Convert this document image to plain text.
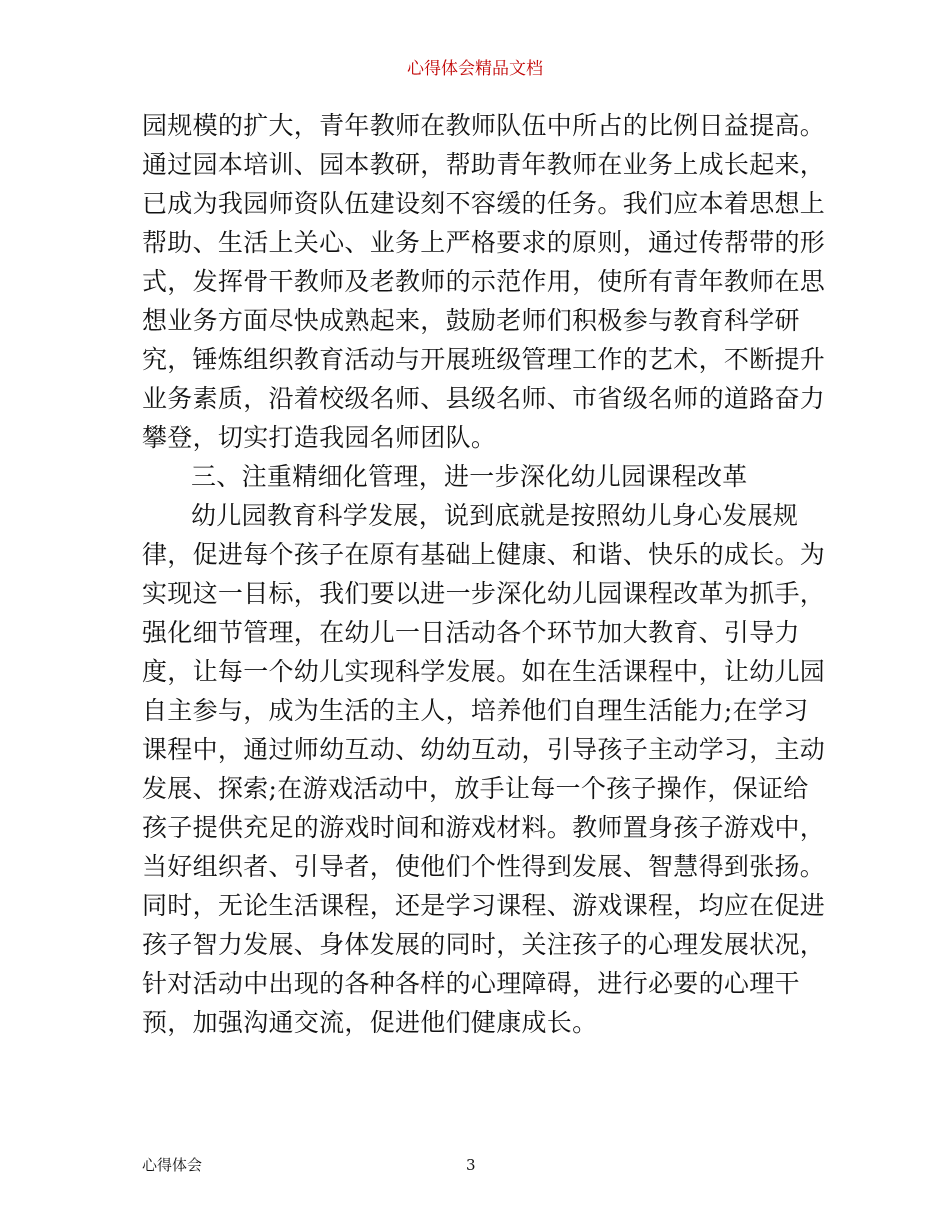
心得体会精品文档
园规模的扩大，青年教师在教师队伍中所占的比例日益提高。
通过园本培训、园本教研，帮助青年教师在业务上成长起来，
已成为我园师资队伍建设刻不容缓的任务。我们应本着思想上
帮助、生活上关心、业务上严格要求的原则，通过传帮带的形
式，发挥骨干教师及老教师的示范作用，使所有青年教师在思
想业务方面尽快成熟起来，鼓励老师们积极参与教育科学研
究，锤炼组织教育活动与开展班级管理工作的艺术，不断提升
业务素质，沿着校级名师、县级名师、市省级名师的道路奋力
攀登，切实打造我园名师团队。
三、注重精细化管理，进一步深化幼儿园课程改革
幼儿园教育科学发展，说到底就是按照幼儿身心发展规
律，促进每个孩子在原有基础上健康、和谐、快乐的成长。为
实现这一目标，我们要以进一步深化幼儿园课程改革为抓手，
强化细节管理，在幼儿一日活动各个环节加大教育、引导力
度，让每一个幼儿实现科学发展。如在生活课程中，让幼儿园
自主参与，成为生活的主人，培养他们自理生活能力;在学习
课程中，通过师幼互动、幼幼互动，引导孩子主动学习，主动
发展、探索;在游戏活动中，放手让每一个孩子操作，保证给
孩子提供充足的游戏时间和游戏材料。教师置身孩子游戏中，
当好组织者、引导者，使他们个性得到发展、智慧得到张扬。
同时，无论生活课程，还是学习课程、游戏课程，均应在促进
孩子智力发展、身体发展的同时，关注孩子的心理发展状况，
针对活动中出现的各种各样的心理障碍，进行必要的心理干
预，加强沟通交流，促进他们健康成长。
心得体会	3
